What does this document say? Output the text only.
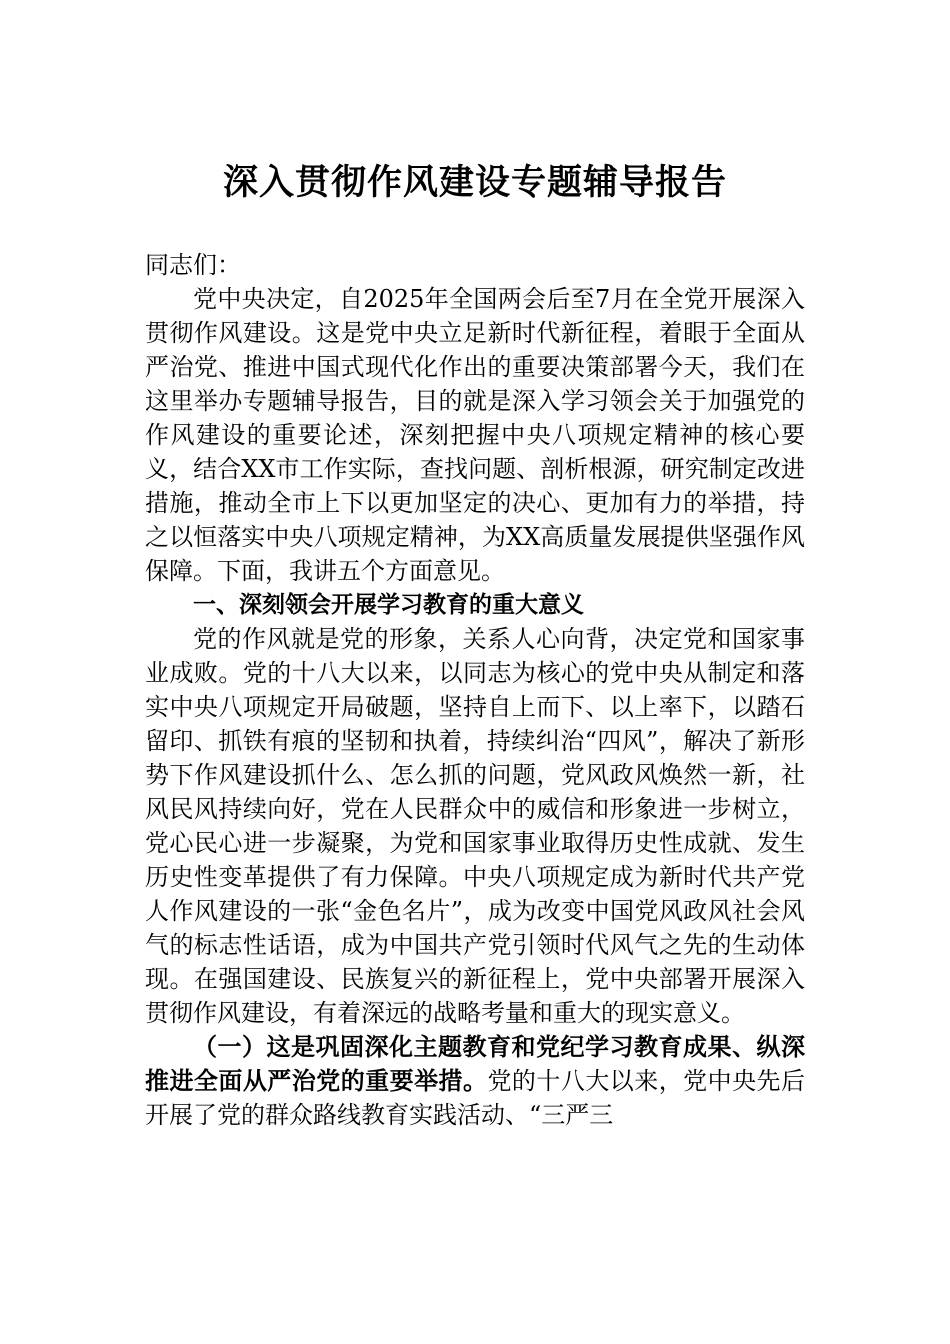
深入贯彻作风建设专题辅导报告

同志们：

党中央决定，自2025年全国两会后至7月在全党开展深入贯彻作风建设。这是党中央立足新时代新征程，着眼于全面从严治党、推进中国式现代化作出的重要决策部署今天，我们在这里举办专题辅导报告，目的就是深入学习领会关于加强党的作风建设的重要论述，深刻把握中央八项规定精神的核心要义，结合XX市工作实际，查找问题、剖析根源，研究制定改进措施，推动全市上下以更加坚定的决心、更加有力的举措，持之以恒落实中央八项规定精神，为XX高质量发展提供坚强作风保障。下面，我讲五个方面意见。

一、深刻领会开展学习教育的重大意义

党的作风就是党的形象，关系人心向背，决定党和国家事业成败。党的十八大以来，以同志为核心的党中央从制定和落实中央八项规定开局破题，坚持自上而下、以上率下，以踏石留印、抓铁有痕的坚韧和执着，持续纠治“四风”，解决了新形势下作风建设抓什么、怎么抓的问题，党风政风焕然一新，社风民风持续向好，党在人民群众中的威信和形象进一步树立，党心民心进一步凝聚，为党和国家事业取得历史性成就、发生历史性变革提供了有力保障。中央八项规定成为新时代共产党人作风建设的一张“金色名片”，成为改变中国党风政风社会风气的标志性话语，成为中国共产党引领时代风气之先的生动体现。在强国建设、民族复兴的新征程上，党中央部署开展深入贯彻作风建设，有着深远的战略考量和重大的现实意义。

（一）这是巩固深化主题教育和党纪学习教育成果、纵深推进全面从严治党的重要举措。党的十八大以来，党中央先后开展了党的群众路线教育实践活动、“三严三
